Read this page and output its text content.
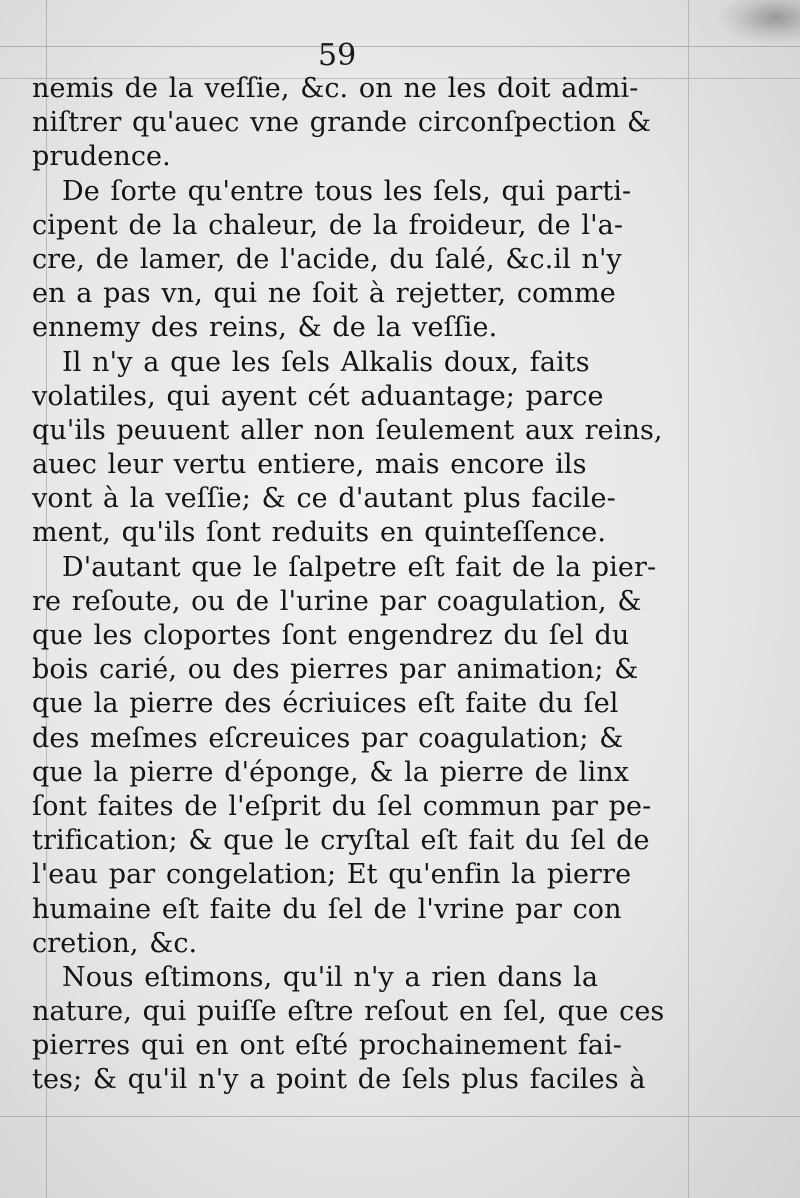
59
nemis de la veſſie, &c. on ne les doit admi-
niſtrer qu'auec vne grande circonſpection &
prudence.
De ſorte qu'entre tous les ſels, qui parti-
cipent de la chaleur, de la froideur, de l'a-
cre, de lamer, de l'acide, du ſalé, &c.il n'y
en a pas vn, qui ne ſoit à rejetter, comme
ennemy des reins, & de la veſſie.
Il n'y a que les ſels Alkalis doux, faits
volatiles, qui ayent cét aduantage; parce
qu'ils peuuent aller non ſeulement aux reins,
auec leur vertu entiere, mais encore ils
vont à la veſſie; & ce d'autant plus facile-
ment, qu'ils ſont reduits en quinteſſence.
D'autant que le ſalpetre eſt fait de la pier-
re reſoute, ou de l'urine par coagulation, &
que les cloportes ſont engendrez du ſel du
bois carié, ou des pierres par animation; &
que la pierre des écriuices eſt faite du ſel
des meſmes eſcreuices par coagulation; &
que la pierre d'éponge, & la pierre de linx
ſont faites de l'eſprit du ſel commun par pe-
trification; & que le cryſtal eſt fait du ſel de
l'eau par congelation; Et qu'enfin la pierre
humaine eſt faite du ſel de l'vrine par con
cretion, &c.
Nous eſtimons, qu'il n'y a rien dans la
nature, qui puiſſe eſtre reſout en ſel, que ces
pierres qui en ont eſté prochainement fai-
tes; & qu'il n'y a point de ſels plus faciles à
